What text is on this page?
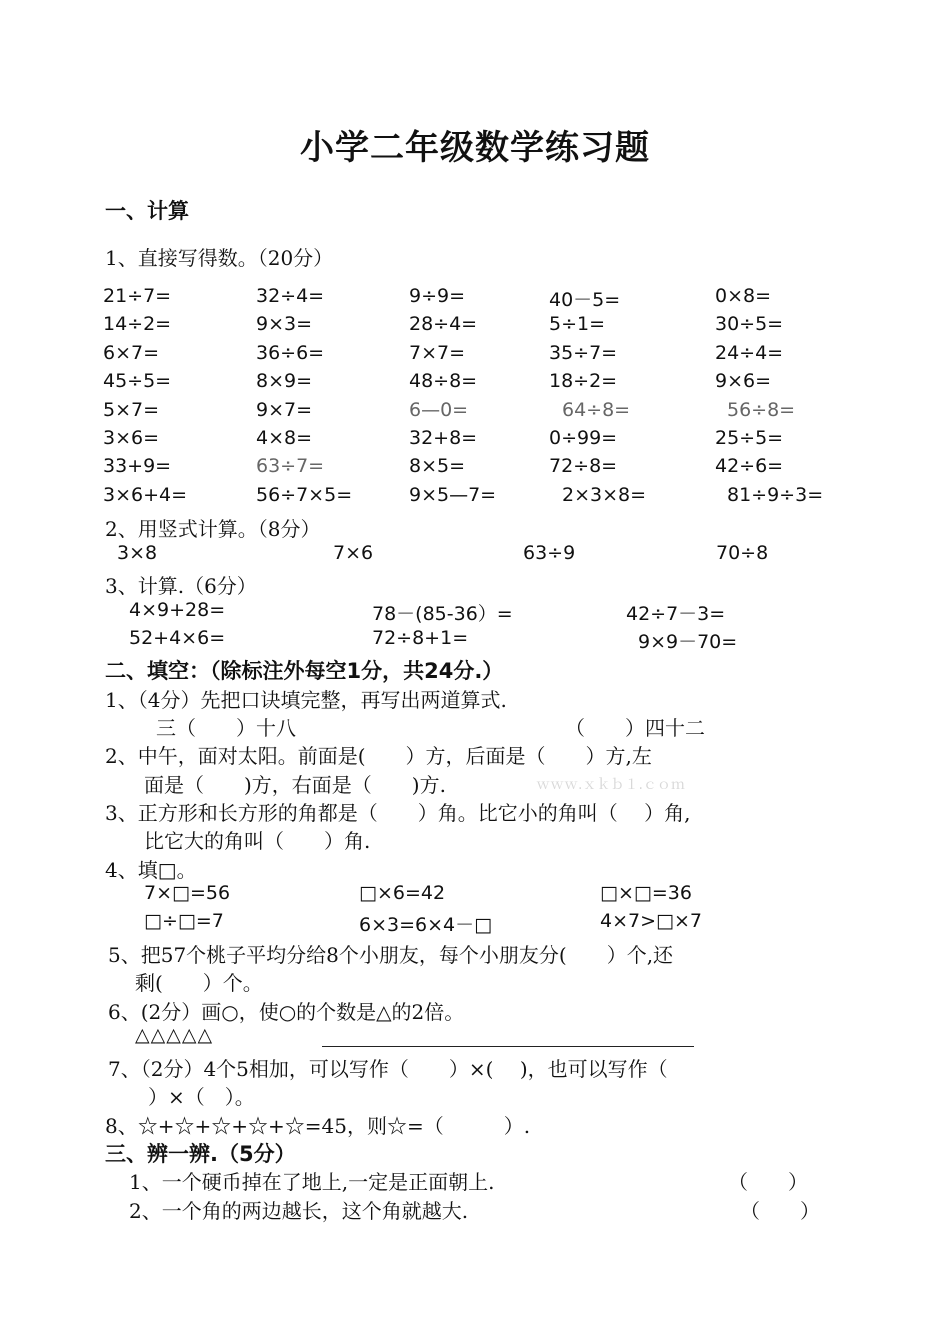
小学二年级数学练习题
一、计算
1、直接写得数。（20分）
21÷7=	32÷4=	9÷9=	40－5=	0×8=
14÷2=	9×3=	28÷4=	5÷1=	30÷5=
6×7=	36÷6=	7×7=	35÷7=	24÷4=
45÷5=	8×9=	48÷8=	18÷2=	9×6=
5×7=	9×7=	6—0=	64÷8=	56÷8=
3×6=	4×8=	32+8=	0÷99=	25÷5=
33+9=	63÷7=	8×5=	72÷8=	42÷6=
3×6+4=	56÷7×5=	9×5—7=	2×3×8=	81÷9÷3=
2、用竖式计算。（8分）
3×8	7×6	63÷9	70÷8
3、计算.（6分）
4×9+28=	78－(85-36）=	42÷7－3=
52+4×6=	72÷8+1=	9×9－70=
二、填空：（除标注外每空1分，共24分.）
1、（4分）先把口诀填完整，再写出两道算式.
三（　　）十八	（　　）四十二
2、中午，面对太阳。前面是(　　）方，后面是（　　）方,左
面是（　　)方，右面是（　　)方.	ｗｗｗ.ｘｋｂ１.ｃｏｍ
3、正方形和长方形的角都是（　　）角。比它小的角叫（　 ）角,
比它大的角叫（　　）角.
4、填□。
7×□=56	□×6=42	□×□=36
□÷□=7	6×3=6×4－□	4×7>□×7
5、把57个桃子平均分给8个小朋友，每个小朋友分(　　）个,还
剩(　　）个。
6、(2分）画○，使○的个数是△的2倍。
△△△△△
7、（2分）4个5相加，可以写作（　　）×(　 )，也可以写作（
）×（　）。
8、☆+☆+☆+☆+☆=45，则☆=（　　　）.
三、辨一辨.（5分）
1、一个硬币掉在了地上,一定是正面朝上.	（　　）
2、一个角的两边越长，这个角就越大.	（　　）
